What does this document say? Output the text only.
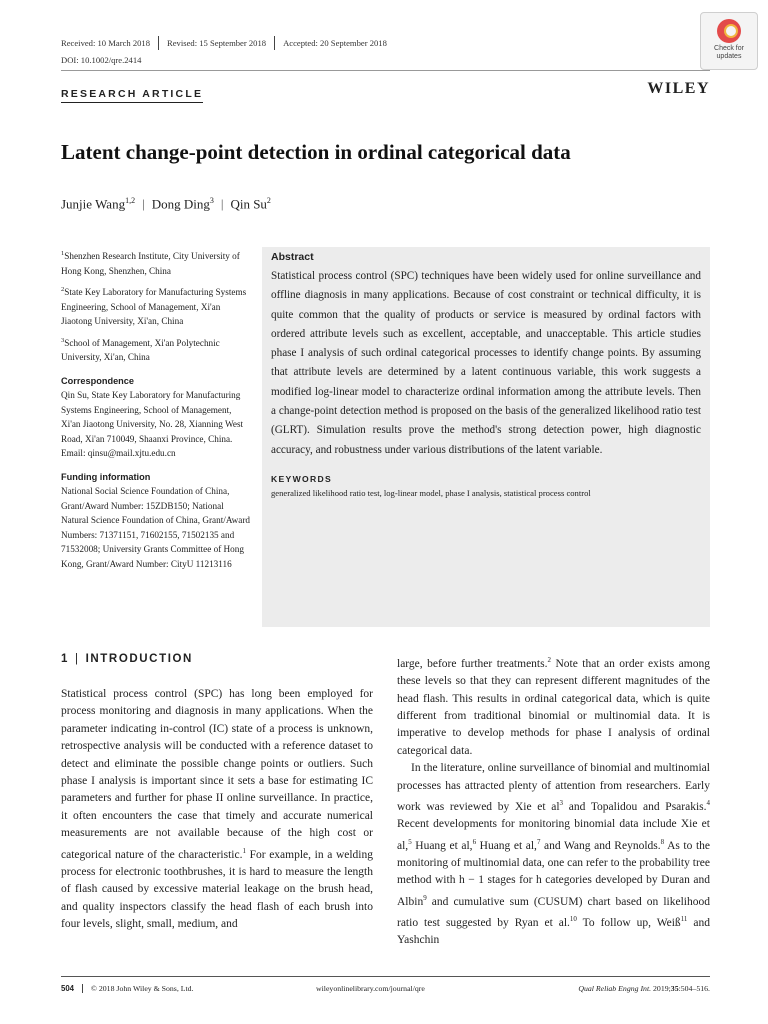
Received: 10 March 2018	Revised: 15 September 2018	Accepted: 20 September 2018
DOI: 10.1002/qre.2414
Check for
updates
RESEARCH ARTICLE	WILEY
Latent change-point detection in ordinal categorical data
Junjie Wang$^{1,2}$ | Dong Ding$^3$ | Qin Su$^2$
$^1$Shenzhen Research Institute, City University of Hong Kong, Shenzhen, China
$^2$State Key Laboratory for Manufacturing Systems Engineering, School of Management, Xi'an Jiaotong University, Xi'an, China
$^3$School of Management, Xi'an Polytechnic University, Xi'an, China
Correspondence
Qin Su, State Key Laboratory for Manufacturing Systems Engineering, School of Management, Xi'an Jiaotong University, No. 28, Xianning West Road, Xi'an 710049, Shaanxi Province, China. Email: qinsu@mail.xjtu.edu.cn
Funding information
National Social Science Foundation of China, Grant/Award Number: 15ZDB150; National Natural Science Foundation of China, Grant/Award Numbers: 71371151, 71602155, 71502135 and 71532008; University Grants Committee of Hong Kong, Grant/Award Number: CityU 11213116
Abstract
Statistical process control (SPC) techniques have been widely used for online surveillance and offline diagnosis in many applications. Because of cost constraint or technical difficulty, it is quite common that the quality of products or service is measured by ordinal factors with ordered attribute levels such as excellent, acceptable, and unacceptable. This article studies phase I analysis of such ordinal categorical processes to identify change points. By assuming that attribute levels are determined by a latent continuous variable, this work suggests a modified log-linear model to characterize ordinal information among the attribute levels. Then a change-point detection method is proposed on the basis of the generalized likelihood ratio test (GLRT). Simulation results prove the method's strong detection power, high diagnostic accuracy, and robustness under various distributions of the latent variable.
KEYWORDS
generalized likelihood ratio test, log-linear model, phase I analysis, statistical process control
1 | INTRODUCTION

Statistical process control (SPC) has long been employed for process monitoring and diagnosis in many applications. When the parameter indicating in-control (IC) state of a process is unknown, retrospective analysis will be conducted with a reference dataset to detect and eliminate the possible change points or outliers. Such phase I analysis is important since it sets a base for estimating IC parameters and further for phase II online surveillance. In practice, it often encounters the case that timely and accurate numerical measurements are not available because of the high cost or categorical nature of the characteristic.$^1$ For example, in a welding process for electronic toothbrushes, it is hard to measure the length of flash caused by excessive material leakage on the brush head, and quality inspectors classify the head flash of each brush into four levels, slight, small, medium, and

large, before further treatments.$^2$ Note that an order exists among these levels so that they can represent different magnitudes of the head flash. This results in ordinal categorical data, which is quite different from traditional binomial or multinomial data. It is imperative to develop methods for phase I analysis of ordinal categorical data.

In the literature, online surveillance of binomial and multinomial processes has attracted plenty of attention from researchers. Early work was reviewed by Xie et $al^3$ and Topalidou and Psarakis.$^4$ Recent developments for monitoring binomial data include Xie et al,$^5$ Huang et al,$^6$ Huang et al,$^7$ and Wang and Reynolds.$^8$ As to the monitoring of multinomial data, one can refer to the probability tree method with h − 1 stages for h categories developed by Duran and Albin$^9$ and cumulative sum (CUSUM) chart based on likelihood ratio test suggested by Ryan et al.$^{10}$ To follow up, Weiß$^{11}$ and Yashchin

504	© 2018 John Wiley & Sons, Ltd.	wileyonlinelibrary.com/journal/qre	Qual Reliab Engng Int. 2019;35:504–516.
